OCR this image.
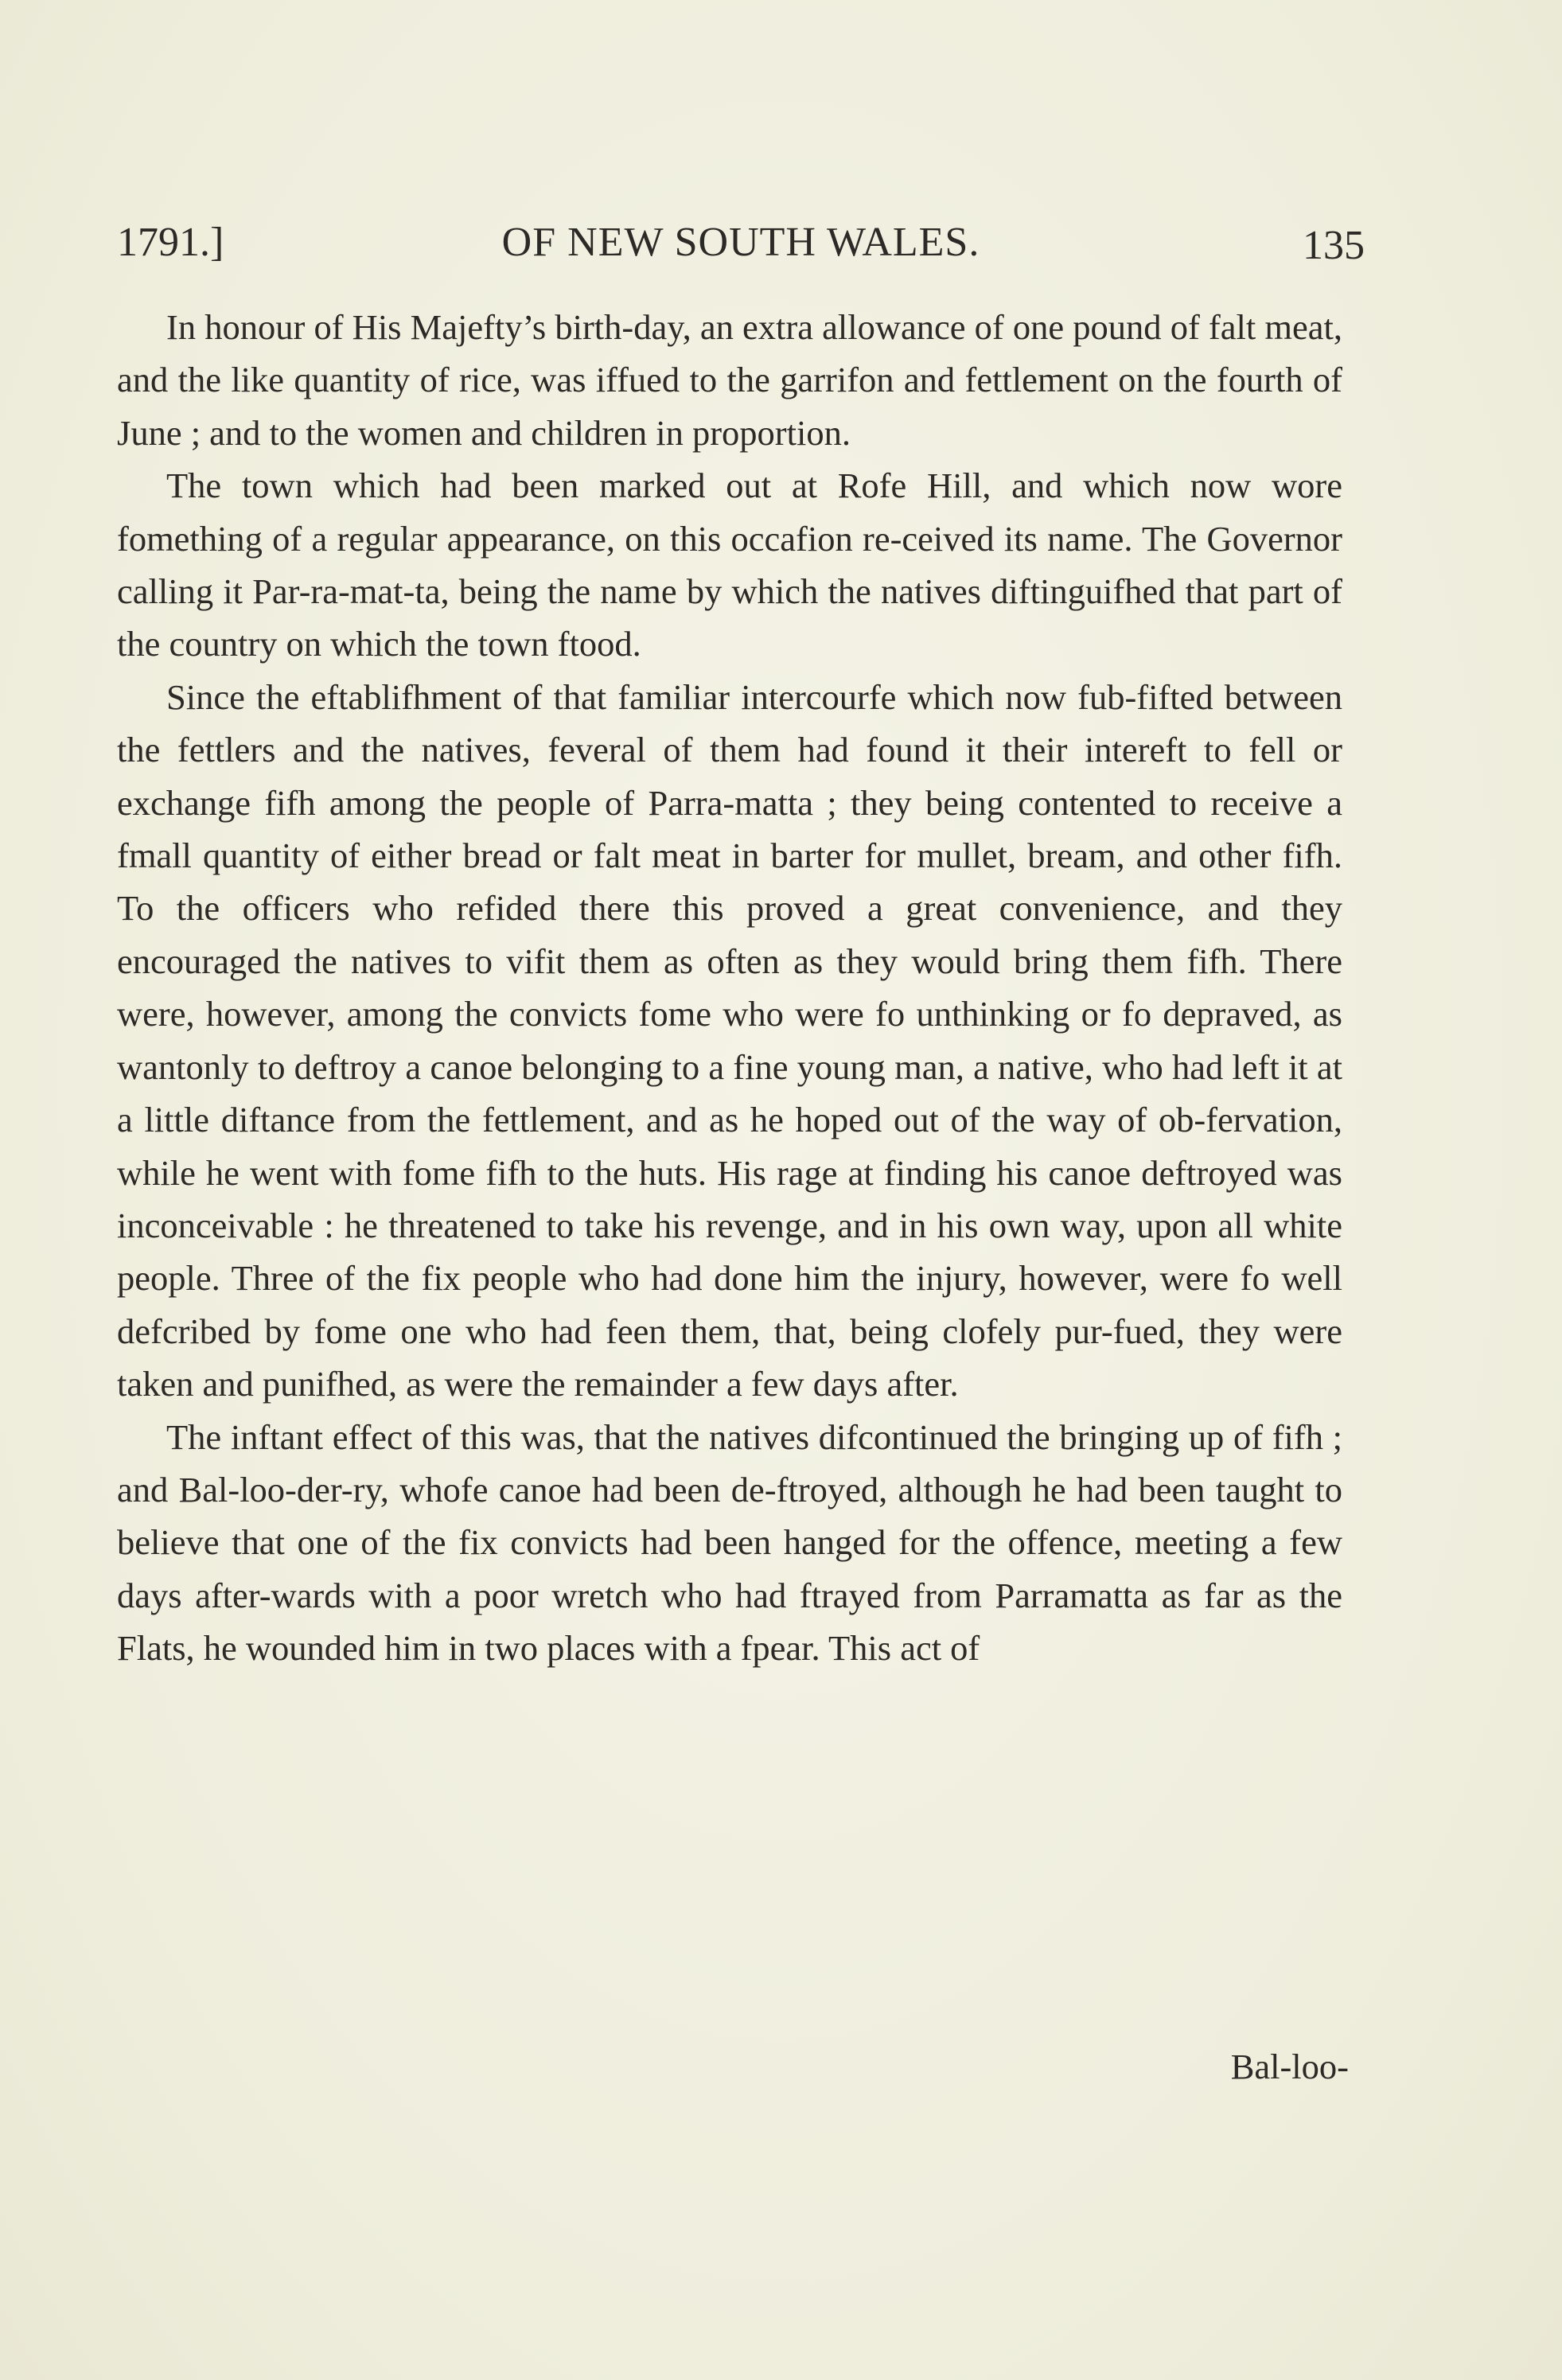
1791.]	OF NEW SOUTH WALES.	135

In honour of His Majefty’s birth-day, an extra allowance of one pound of falt meat, and the like quantity of rice, was iffued to the garrifon and fettlement on the fourth of June ; and to the women and children in proportion.

The town which had been marked out at Rofe Hill, and which now wore fomething of a regular appearance, on this occafion re-ceived its name. The Governor calling it Par-ra-mat-ta, being the name by which the natives diftinguifhed that part of the country on which the town ftood.

Since the eftablifhment of that familiar intercourfe which now fub-fifted between the fettlers and the natives, feveral of them had found it their intereft to fell or exchange fifh among the people of Parra-matta ; they being contented to receive a fmall quantity of either bread or falt meat in barter for mullet, bream, and other fifh. To the officers who refided there this proved a great convenience, and they encouraged the natives to vifit them as often as they would bring them fifh. There were, however, among the convicts fome who were fo unthinking or fo depraved, as wantonly to deftroy a canoe belonging to a fine young man, a native, who had left it at a little diftance from the fettlement, and as he hoped out of the way of ob-fervation, while he went with fome fifh to the huts. His rage at finding his canoe deftroyed was inconceivable : he threatened to take his revenge, and in his own way, upon all white people. Three of the fix people who had done him the injury, however, were fo well defcribed by fome one who had feen them, that, being clofely pur-fued, they were taken and punifhed, as were the remainder a few days after.

The inftant effect of this was, that the natives difcontinued the bringing up of fifh ; and Bal-loo-der-ry, whofe canoe had been de-ftroyed, although he had been taught to believe that one of the fix convicts had been hanged for the offence, meeting a few days after-wards with a poor wretch who had ftrayed from Parramatta as far as the Flats, he wounded him in two places with a fpear. This act of

Bal-loo-
